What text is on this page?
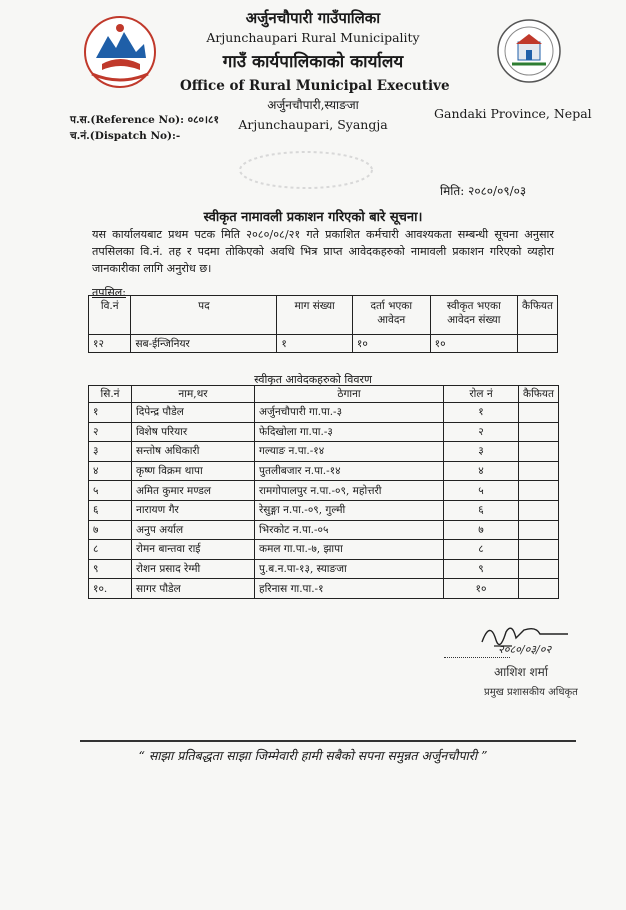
अर्जुनचौपारी गाउँपालिका
Arjunchaupari Rural Municipality
गाउँ कार्यपालिकाको कार्यालय
Office of Rural Municipal Executive
अर्जुनचौपारी,स्याङजा
Arjunchaupari, Syangja
Gandaki Province, Nepal
प.स.(Reference No): ०८०।८१
च.नं.(Dispatch No):-
मिति: २०८०/०९/०३
स्वीकृत नामावली प्रकाशन गरिएको बारे सूचना।
यस कार्यालयबाट प्रथम पटक मिति २०८०/०८/२१ गते प्रकाशित कर्मचारी आवश्यकता सम्बन्धी सूचना अनुसार तपसिलका वि.नं. तह र पदमा तोकिएको अवधि भित्र प्राप्त आवेदकहरुको नामावली प्रकाशन गरिएको व्यहोरा जानकारीका लागि अनुरोध छ।
तपसिल:
वि.नं	पद	माग संख्या	दर्ता भएका आवेदन	स्वीकृत भएका आवेदन संख्या	कैफियत
१२	सब-ईन्जिनियर	१	१०	१०	
स्वीकृत आवेदकहरुको विवरण
सि.नं	नाम,थर	ठेगाना	रोल नं	कैफियत
१	दिपेन्द्र पौडेल	अर्जुनचौपारी गा.पा.-३	१	
२	विशेष परियार	फेदिखोला गा.पा.-३	२	
३	सन्तोष अधिकारी	गल्याङ न.पा.-१४	३	
४	कृष्ण विक्रम थापा	पुतलीबजार न.पा.-१४	४	
५	अमित कुमार मण्डल	रामगोपालपुर न.पा.-०९, महोत्तरी	५	
६	नारायण गैर	रेसुङ्गा न.पा.-०९, गुल्मी	६	
७	अनुप अर्याल	भिरकोट न.पा.-०५	७	
८	रोमन बान्तवा राई	कमल गा.पा.-७, झापा	८	
९	रोशन प्रसाद रेग्मी	पु.ब.न.पा-१३, स्याङजा	९	
१०.	सागर पौडेल	हरिनास गा.पा.-१	१०	
२०८०/०३/०२
आशिश शर्मा
प्रमुख प्रशासकीय अधिकृत
“ साझा प्रतिबद्धता साझा जिम्मेवारी हामी सबैको सपना समुन्नत अर्जुनचौपारी ”
